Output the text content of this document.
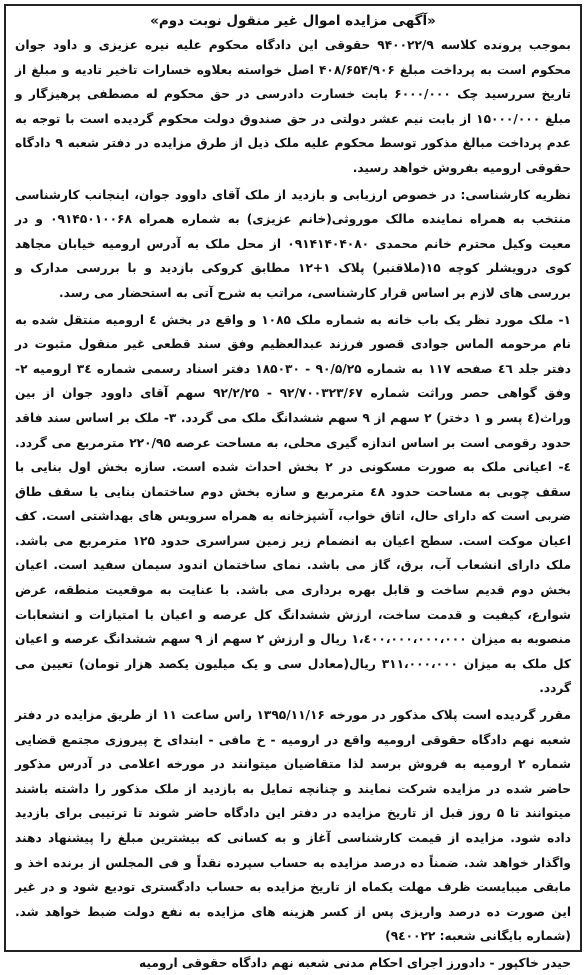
«آگهی مزایده اموال غیر منقول نوبت دوم»

بموجب پرونده کلاسه ۹۴۰۰۲۲/۹ حقوقی این دادگاه محکوم علیه نیره عزیزی و داود جوان محکوم است به پرداخت مبلغ ۴۰۸/۶۵۴/۹۰۶ اصل خواسته بعلاوه خسارات تاخیر تادیه و مبلغ از تاریخ سررسید چک ۶۰۰۰/۰۰۰ بابت خسارت دادرسی در حق محکوم له مصطفی پرهیزگار و مبلغ ۱۵۰۰۰/۰۰۰ از بابت نیم عشر دولتی در حق صندوق دولت محکوم گردیده است با توجه به عدم پرداخت مبالغ مذکور توسط محکوم علیه ملک ذیل از طرق مزایده در دفتر شعبه ۹ دادگاه حقوقی ارومیه بفروش خواهد رسید.

نظریه کارشناسی: در خصوص ارزیابی و بازدید از ملک آقای داوود جوان، اینجانب کارشناسی منتخب به همراه نماینده مالک موروثی(خانم عزیزی) به شماره همراه ۰۹۱۴۵۰۱۰۰۶۸ و در معیت وکیل محترم خانم محمدی ۰۹۱۴۱۴۰۴۰۸۰ از محل ملک به آدرس ارومیه خیابان مجاهد کوی درویشلر کوچه ۱۵(ملاقنبر) پلاک ۱+۱۲ مطابق کروکی بازدید و با بررسی مدارک و بررسی های لازم بر اساس قرار کارشناسی، مراتب به شرح آتی به استحضار می رسد.

۱- ملک مورد نظر یک باب خانه به شماره ملک ۱۰۸۵ و واقع در بخش ٤ ارومیه منتقل شده به نام مرحومه الماس جوادی قصور فرزند عبدالعظیم وفق سند قطعی غیر منقول مثبوت در دفتر جلد ٤٦ صفحه ۱۱۷ به شماره ۹۰/۵/۲۵ - ۱۸۵۰۳۰ دفتر اسناد رسمی شماره ۳٤ ارومیه ۲- وفق گواهی حصر وراثت شماره ۹۲/۷۰۰۳۲۳/۶۷ - ۹۲/۲/۲۵ سهم آقای داوود جوان از بین وراث(٤ پسر و ۱ دختر) ۲ سهم از ۹ سهم ششدانگ ملک می گردد. ۳- ملک بر اساس سند فاقد حدود رقومی است بر اساس اندازه گیری محلی، به مساحت عرصه ۲۲۰/۹۵ مترمربع می گردد. ٤- اعیانی ملک به صورت مسکونی در ۲ بخش احداث شده است. سازه بخش اول بنایی با سقف چوبی به مساحت حدود ٤۸ مترمربع و سازه بخش دوم ساختمان بنایی با سقف طاق ضربی است که دارای حال، اتاق خواب، آشپزخانه به همراه سرویس های بهداشتی است. کف اعیان موکت است. سطح اعیان به انضمام زیر زمین سراسری حدود ۱۲۵ مترمربع می باشد. ملک دارای انشعاب آب، برق، گاز می باشد. نمای ساختمان اندود سیمان سفید است. اعیان بخش دوم قدیم ساخت و قابل بهره برداری می باشد. با عنایت به موقعیت منطقه، عرض شوارع، کیفیت و قدمت ساخت، ارزش ششدانگ کل عرصه و اعیان با امتیازات و انشعابات منصوبه به میزان ۱،٤۰۰،۰۰۰،۰۰۰،۰۰۰ ریال و ارزش ۲ سهم از ۹ سهم ششدانگ عرصه و اعیان کل ملک به میزان ۳۱۱،۰۰۰،۰۰۰ ریال(معادل سی و یک میلیون یکصد هزار تومان) تعیین می گردد.

مقرر گردیده است پلاک مذکور در مورخه ۱۳۹۵/۱۱/۱۶ راس ساعت ۱۱ از طریق مزایده در دفتر شعبه نهم دادگاه حقوقی ارومیه واقع در ارومیه - خ مافی - ابتدای خ پیروزی مجتمع قضایی شماره ۲ ارومیه به فروش برسد لذا متقاضیان میتوانند در مورخه اعلامی در آدرس مذکور حاضر شده در مزایده شرکت نمایند و چنانچه تمایل به بازدید از ملک مذکور را داشته باشند میتوانند تا ۵ روز قبل از تاریخ مزایده در دفتر این دادگاه حاضر شوند تا ترتیبی برای بازدید داده شود. مزایده از قیمت کارشناسی آغاز و به کسانی که بیشترین مبلغ را پیشنهاد دهند واگذار خواهد شد. ضمناً ده درصد مزایده به حساب سپرده نقداً و فی المجلس از برنده اخذ و مابقی میبایست ظرف مهلت یکماه از تاریخ مزایده به حساب دادگستری تودیع شود و در غیر این صورت ده درصد واریزی پس از کسر هزینه های مزایده به نفع دولت ضبط خواهد شد.(شماره بایگانی شعبه: ۹٤۰۰۲۲)

حیدر خاکپور - دادورز اجرای احکام مدنی شعبه نهم دادگاه حقوقی ارومیه
